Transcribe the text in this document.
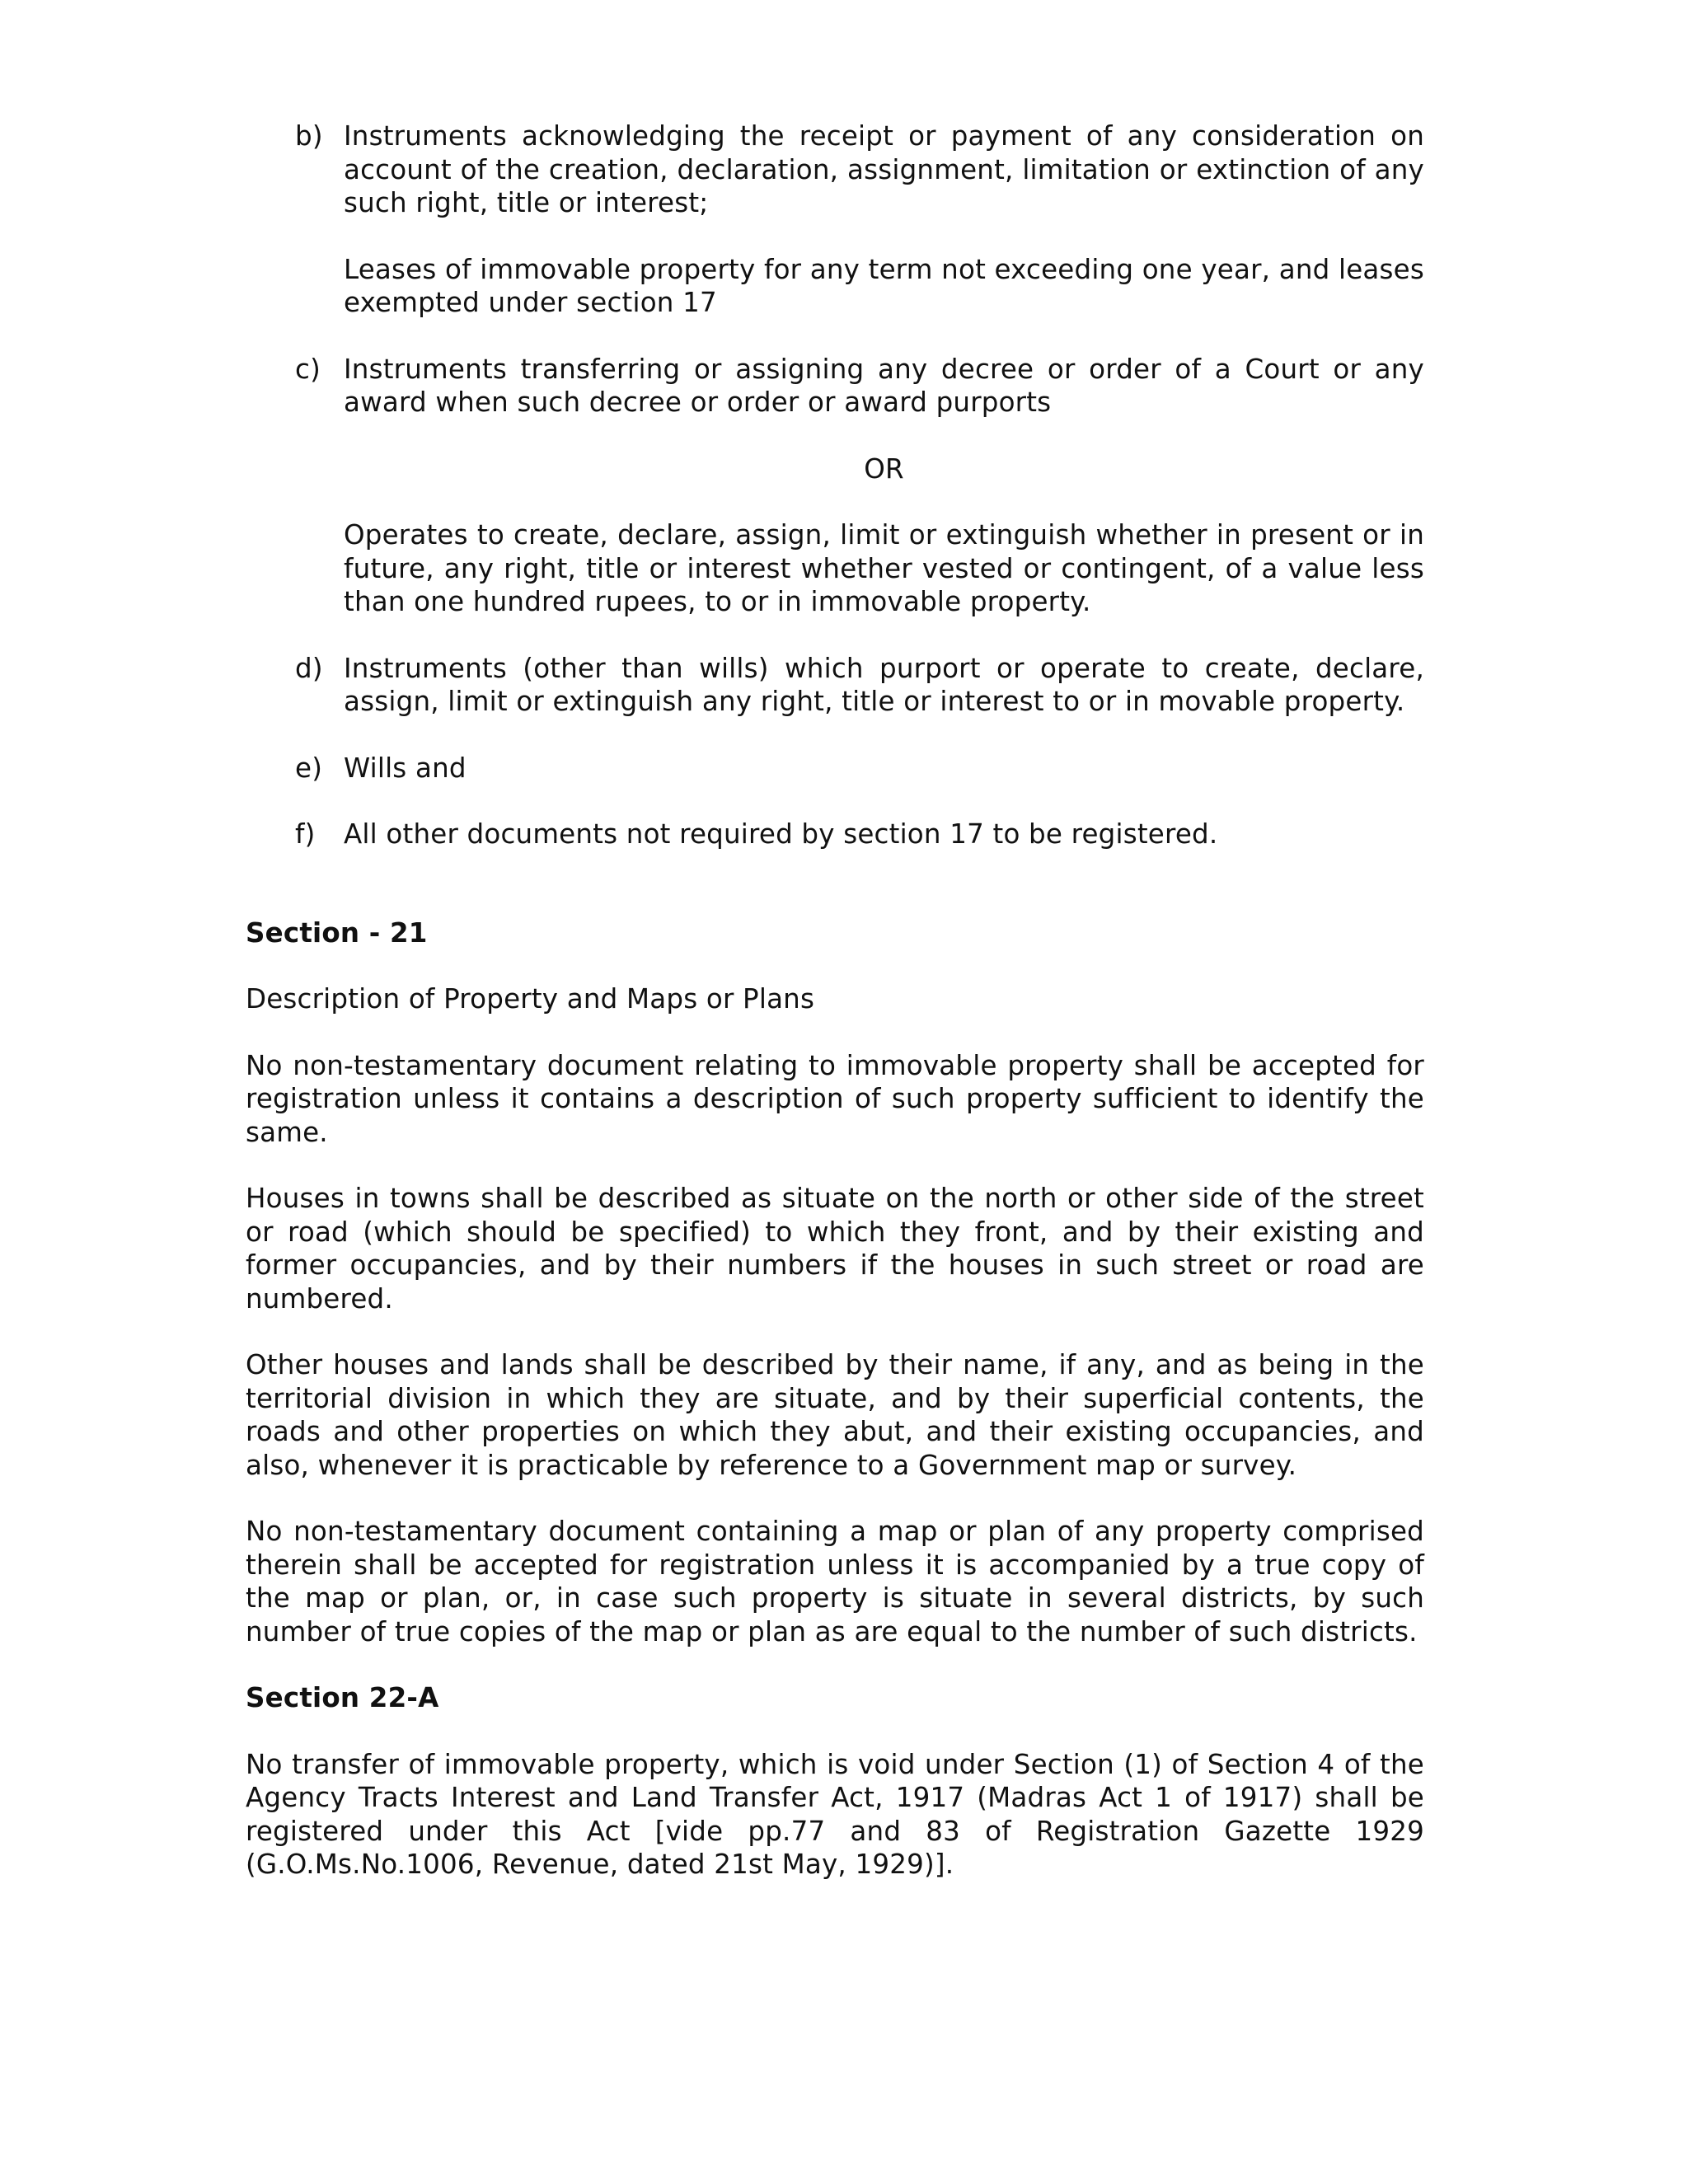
b) Instruments acknowledging the receipt or payment of any consideration on account of the creation, declaration, assignment, limitation or extinction of any such right, title or interest;

Leases of immovable property for any term not exceeding one year, and leases exempted under section 17

c) Instruments transferring or assigning any decree or order of a Court or any award when such decree or order or award purports

OR

Operates to create, declare, assign, limit or extinguish whether in present or in future, any right, title or interest whether vested or contingent, of a value less than one hundred rupees, to or in immovable property.

d) Instruments (other than wills) which purport or operate to create, declare, assign, limit or extinguish any right, title or interest to or in movable property.

e) Wills and

f) All other documents not required by section 17 to be registered.

Section - 21

Description of Property and Maps or Plans

No non-testamentary document relating to immovable property shall be accepted for registration unless it contains a description of such property sufficient to identify the same.

Houses in towns shall be described as situate on the north or other side of the street or road (which should be specified) to which they front, and by their existing and former occupancies, and by their numbers if the houses in such street or road are numbered.

Other houses and lands shall be described by their name, if any, and as being in the territorial division in which they are situate, and by their superficial contents, the roads and other properties on which they abut, and their existing occupancies, and also, whenever it is practicable by reference to a Government map or survey.

No non-testamentary document containing a map or plan of any property comprised therein shall be accepted for registration unless it is accompanied by a true copy of the map or plan, or, in case such property is situate in several districts, by such number of true copies of the map or plan as are equal to the number of such districts.

Section 22-A

No transfer of immovable property, which is void under Section (1) of Section 4 of the Agency Tracts Interest and Land Transfer Act, 1917 (Madras Act 1 of 1917) shall be registered under this Act [vide pp.77 and 83 of Registration Gazette 1929 (G.O.Ms.No.1006, Revenue, dated 21st May, 1929)].
